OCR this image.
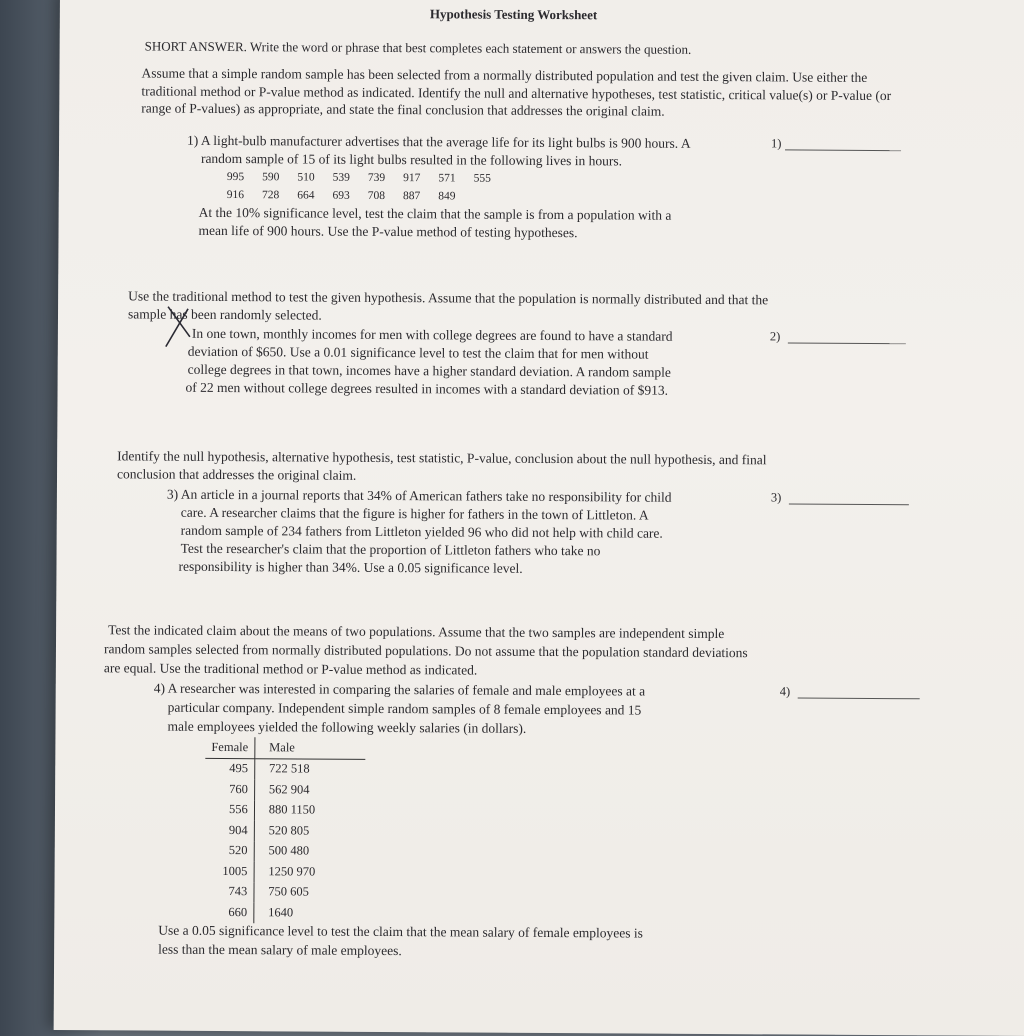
Hypothesis Testing Worksheet
SHORT ANSWER. Write the word or phrase that best completes each statement or answers the question.
Assume that a simple random sample has been selected from a normally distributed population and test the given claim. Use either the traditional method or P-value method as indicated. Identify the null and alternative hypotheses, test statistic, critical value(s) or P-value (or range of P-values) as appropriate, and state the final conclusion that addresses the original claim.
1) A light-bulb manufacturer advertises that the average life for its light bulbs is 900 hours. A	1)
random sample of 15 of its light bulbs resulted in the following lives in hours.
995 590 510 539 739 917 571 555
916 728 664 693 708 887 849
At the 10% significance level, test the claim that the sample is from a population with a
mean life of 900 hours. Use the P-value method of testing hypotheses.
Use the traditional method to test the given hypothesis. Assume that the population is normally distributed and that the
sample has been randomly selected.
In one town, monthly incomes for men with college degrees are found to have a standard	2)
deviation of $650. Use a 0.01 significance level to test the claim that for men without
college degrees in that town, incomes have a higher standard deviation. A random sample
of 22 men without college degrees resulted in incomes with a standard deviation of $913.
Identify the null hypothesis, alternative hypothesis, test statistic, P-value, conclusion about the null hypothesis, and final
conclusion that addresses the original claim.
3) An article in a journal reports that 34% of American fathers take no responsibility for child	3)
care. A researcher claims that the figure is higher for fathers in the town of Littleton. A
random sample of 234 fathers from Littleton yielded 96 who did not help with child care.
Test the researcher's claim that the proportion of Littleton fathers who take no
responsibility is higher than 34%. Use a 0.05 significance level.
Test the indicated claim about the means of two populations. Assume that the two samples are independent simple
random samples selected from normally distributed populations. Do not assume that the population standard deviations
are equal. Use the traditional method or P-value method as indicated.
4) A researcher was interested in comparing the salaries of female and male employees at a	4)
particular company. Independent simple random samples of 8 female employees and 15
male employees yielded the following weekly salaries (in dollars).
Female	Male
495	722 518
760	562 904
556	880 1150
904	520 805
520	500 480
1005	1250 970
743	750 605
660	1640
Use a 0.05 significance level to test the claim that the mean salary of female employees is
less than the mean salary of male employees.
